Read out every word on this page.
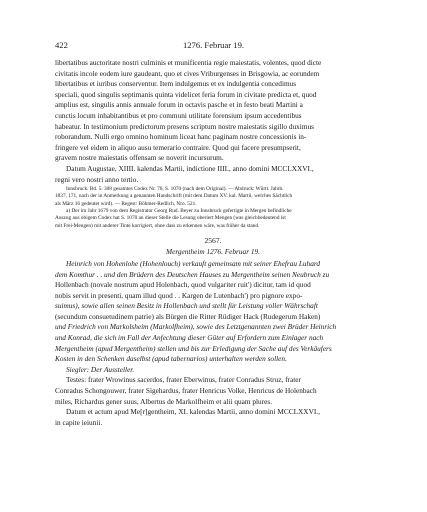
422	1276. Februar 19.

libertatibus auctoritate nostri culminis et munificentia regie maiestatis, volentes, quod dicte

civitatis incole eodem iure gaudeant, quo et cives Vriburgenses in Brisgowia, ac eorundem

libertatibus et iuribus conserventur. Item indulgemus et ex indulgentia concedimus

speciali, quod singulis septimanis quinta videlicet feria forum in civitate predicta et, quod

amplius est, singulis annis annuale forum in octavis pasche et in festo beati Martini a

cunctis locum inhabitantibus et pro communi utilitate forensium ipsum accedentibus

habeatur. In testimonium predictorum presens scriptum nostre maiestatis sigillo duximus

roborandum. Nulli ergo omnino hominum liceat hanc paginam nostre concessionis in-

fringere vel eidem in aliquo ausu temerario contraire. Quod qui facere presumpserit,

gravem nostre maiestatis offensam se noverit incursurum.

Datum Augustae, XIIII. kalendas Martii, indictione IIII., anno domini MCCLXXVI.,

regni vero nostri anno tertio.

Innsbruck. Bd. 5. 308 gesamtes Codex Nr. 76, S. 1070 (nach dem Original). — Abdruck: Württ. Jahrb.

1837, 171, nach der in Anmerkung a genannten Handschrift (mit dem Datum XV. kal. Martii, welches Sächtlich

als März 16 gedeutet wird). — Regest: Böhmer-Redlich, Nro. 521.

a) Der im Jahr 1679 von dem Registrator Georg Rud. Beyer zu Innsbruck gefertigte in Mergen befindliche

Auszug aus obigem Codex hat S. 1070 an dieser Stelle die Lesung oberiert Mengen (was gleichbedeutend ist

mit Frei-Mengen) mit anderer Tinte korrigiert, ohne dass zu erkennen wäre, was früher da stand.

2567.
Mergentheim 1276. Februar 19.

Heinrich von Hohenlohe (Hohenlouch) verkauft gemeinsam mit seiner Ehefrau Luhard

dem Komthur . . und den Brüdern des Deutschen Hauses zu Mergentheim seinen Neubruch zu

Hollenbach (novale nostrum apud Holenbach, quod vulgariter ruit') dicitur, tam id quod

nobis servit in presenti, quam illud quod . . Kargen de Lutenbach') pro pignore expo-

suimus), sowie allen seinen Besitz in Hollenbach und stellt für Leistung voller Währschaft

(secundum consuetudinem patrie) als Bürgen die Ritter Rüdiger Hack (Rudegerum Haken)

und Friedrich von Markolsheim (Markolfheim), sowie des Letztgenannten zwei Brüder Heinrich

und Konrad, die sich im Fall der Anfechtung dieser Güter auf Erfordern zum Einlager nach

Mergentheim (apud Mergentheim) stellen und bis zur Erledigung der Sache auf des Verkäufers

Kosten in den Schenken daselbst (apud tabernarios) unterhalten werden sollen.

Siegler: Der Aussteller.

Testes: frater Wrowinus sacerdos, frater Eberwinus, frater Conradus Struz, frater

Conradus Schongouwer, frater Sigehardus, frater Henricus Volke, Henricus de Holenbach

miles, Richardus gener suus, Albertus de Markolfheim et alii quam plures.

Datum et actum apud Me[r]gentheim, XI. kalendas Martii, anno domini MCCLXXVI.,

in capite ieiunii.
